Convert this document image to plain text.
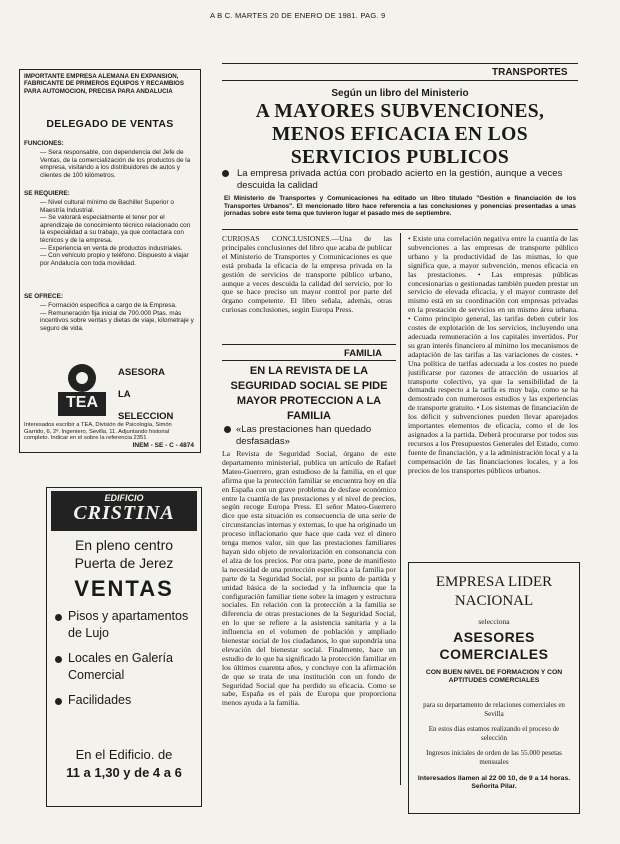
A B C. MARTES 20 DE ENERO DE 1981. PAG. 9
TRANSPORTES
IMPORTANTE EMPRESA ALEMANA EN EXPANSION, FABRICANTE DE PRIMEROS EQUIPOS Y RECAMBIOS PARA AUTOMOCION, PRECISA PARA ANDALUCIA
DELEGADO DE VENTAS
FUNCIONES:
— Sera responsable, con dependencia del Jefe de Ventas, de la comercialización de los productos de la empresa, visitando a los distribuidores de autos y clientes de 100 kilómetros.
SE REQUIERE:
— Nivel cultural mínimo de Bachiller Superior o Maestría Industrial.
— Se valorará especialmente el tener por el aprendizaje de conocimiento técnico relacionado con la especialidad a su trabajo, ya que contactara con técnicos y de la empresa.
— Experiencia en venta de productos industriales.
— Con vehículo propio y teléfono. Dispuesto a viajar por Andalucía con toda movilidad.
SE OFRECE:
— Formación específica a cargo de la Empresa.
— Remuneración fija inicial de 700.000 Ptas. más incentivos sobre ventas y dietas de viaje, kilometraje y seguro de vida.
TEA
ASESORA
LA
SELECCION
Interesados escribir a TEA, División de Psicología, Simón Garrido, 6, 2º. Ingeniero, Sevilla, 11. Adjuntando historial completo. Indicar en el sobre la referencia 2351
INEM - SE - C - 4874
EDIFICIO
CRISTINA
En pleno centro
Puerta de Jerez
VENTAS
Pisos y apartamentos de Lujo
Locales en Galería Comercial
Facilidades
En el Edificio. de
11 a 1,30 y de 4 a 6
Según un libro del Ministerio
A MAYORES SUBVENCIONES, MENOS EFICACIA EN LOS SERVICIOS PUBLICOS
La empresa privada actúa con probado acierto en la gestión, aunque a veces descuida la calidad
El Ministerio de Transportes y Comunicaciones ha editado un libro titulado "Gestión e financiación de los Transportes Urbanos". El mencionado libro hace referencia a las conclusiones y ponencias presentadas a unas jornadas sobre este tema que tuvieron lugar el pasado mes de septiembre.
CURIOSAS CONCLUSIONES.—Una de las principales conclusiones del libro que acaba de publicar el Ministerio de Transportes y Comunicaciones es que está probada la eficacia de la empresa privada en la gestión de servicios de transporte público urbano, aunque a veces descuida la calidad del servicio, por lo que se hace preciso un mayor control por parte del órgano competente. El libro señala, además, otras curiosas conclusiones, según Europa Press.
• Existe una correlación negativa entre la cuantía de las subvenciones a las empresas de transporte público urbano y la productividad de las mismas, lo que significa que, a mayor subvención, menos eficacia en las prestaciones. • Las empresas públicas concesionarias o gestionadas también pueden prestar un servicio de elevada eficacia, y el mayor contraste del mismo está en su coordinación con empresas privadas en la prestación de servicios en un mismo área urbana. • Como principio general, las tarifas deben cubrir los costes de explotación de los servicios, incluyendo una adecuada remuneración a los capitales invertidos. Por su gran interés financiero al mínimo los mecanismos de adaptación de las tarifas a las variaciones de costes. • Una política de tarifas adecuada a los costes no puede justificarse por razones de atracción de usuarios al transporte colectivo, ya que la sensibilidad de la demanda respecto a la tarifa es muy baja, como se ha demostrado con numerosos estudios y las experiencias de transporte gratuito. • Los sistemas de financiación de los déficit y subvenciones pueden llevar aparejados importantes elementos de eficacia, como el de los asignados a la partida. Deberá procurarse por todos sus recursos a los Presupuestos Generales del Estado, como fuente de financiación, y a la administración local y a la compensación de las financiaciones locales, y a los precios de los transportes públicos urbanos.
FAMILIA
EN LA REVISTA DE LA SEGURIDAD SOCIAL SE PIDE MAYOR PROTECCION A LA FAMILIA
«Las prestaciones han quedado desfasadas»
La Revista de Seguridad Social, órgano de este departamento ministerial, publica un artículo de Rafael Mateo-Guerrero, gran estudioso de la familia, en el que afirma que la protección familiar se encuentra hoy en día en España con un grave problema de desfase económico entre la cuantía de las prestaciones y el nivel de precios, según recoge Europa Press. El señor Mateo-Guerrero dice que esta situación es consecuencia de una serie de circunstancias internas y externas, lo que ha originado un proceso inflacionario que hace que cada vez el dinero tenga menos valor, sin que las prestaciones familiares hayan sido objeto de revalorización en consonancia con el alza de los precios. Por otra parte, pone de manifiesto la necesidad de una protección específica a la familia por parte de la Seguridad Social, por su punto de partida y unidad básica de la sociedad y la influencia que la configuración familiar tiene sobre la imagen y estructura sociales. En relación con la protección a la familia se diferencia de otras prestaciones de la Seguridad Social, en lo que se refiere a la asistencia sanitaria y a la influencia en el volumen de población y ampliado bienestar social de los ciudadanos, lo que supondría una elevación del bienestar social. Finalmente, hace un estudio de lo que ha significado la protección familiar en los últimos cuarenta años, y concluye con la afirmación de que se trata de una institución con un fondo de Seguridad Social que ha perdido su eficacia. Como se sabe, España es el país de Europa que proporciona menos ayuda a la familia.
EMPRESA LIDER
NACIONAL
selecciona
ASESORES
COMERCIALES
CON BUEN NIVEL DE FORMACION Y CON APTITUDES COMERCIALES
para su departamento de relaciones comerciales en Sevilla
En estos días estamos realizando el proceso de selección
Ingresos iniciales de orden de las 55.000 pesetas mensuales
Interesados llamen al 22 00 10, de 9 a 14 horas. Señorita Pilar.
